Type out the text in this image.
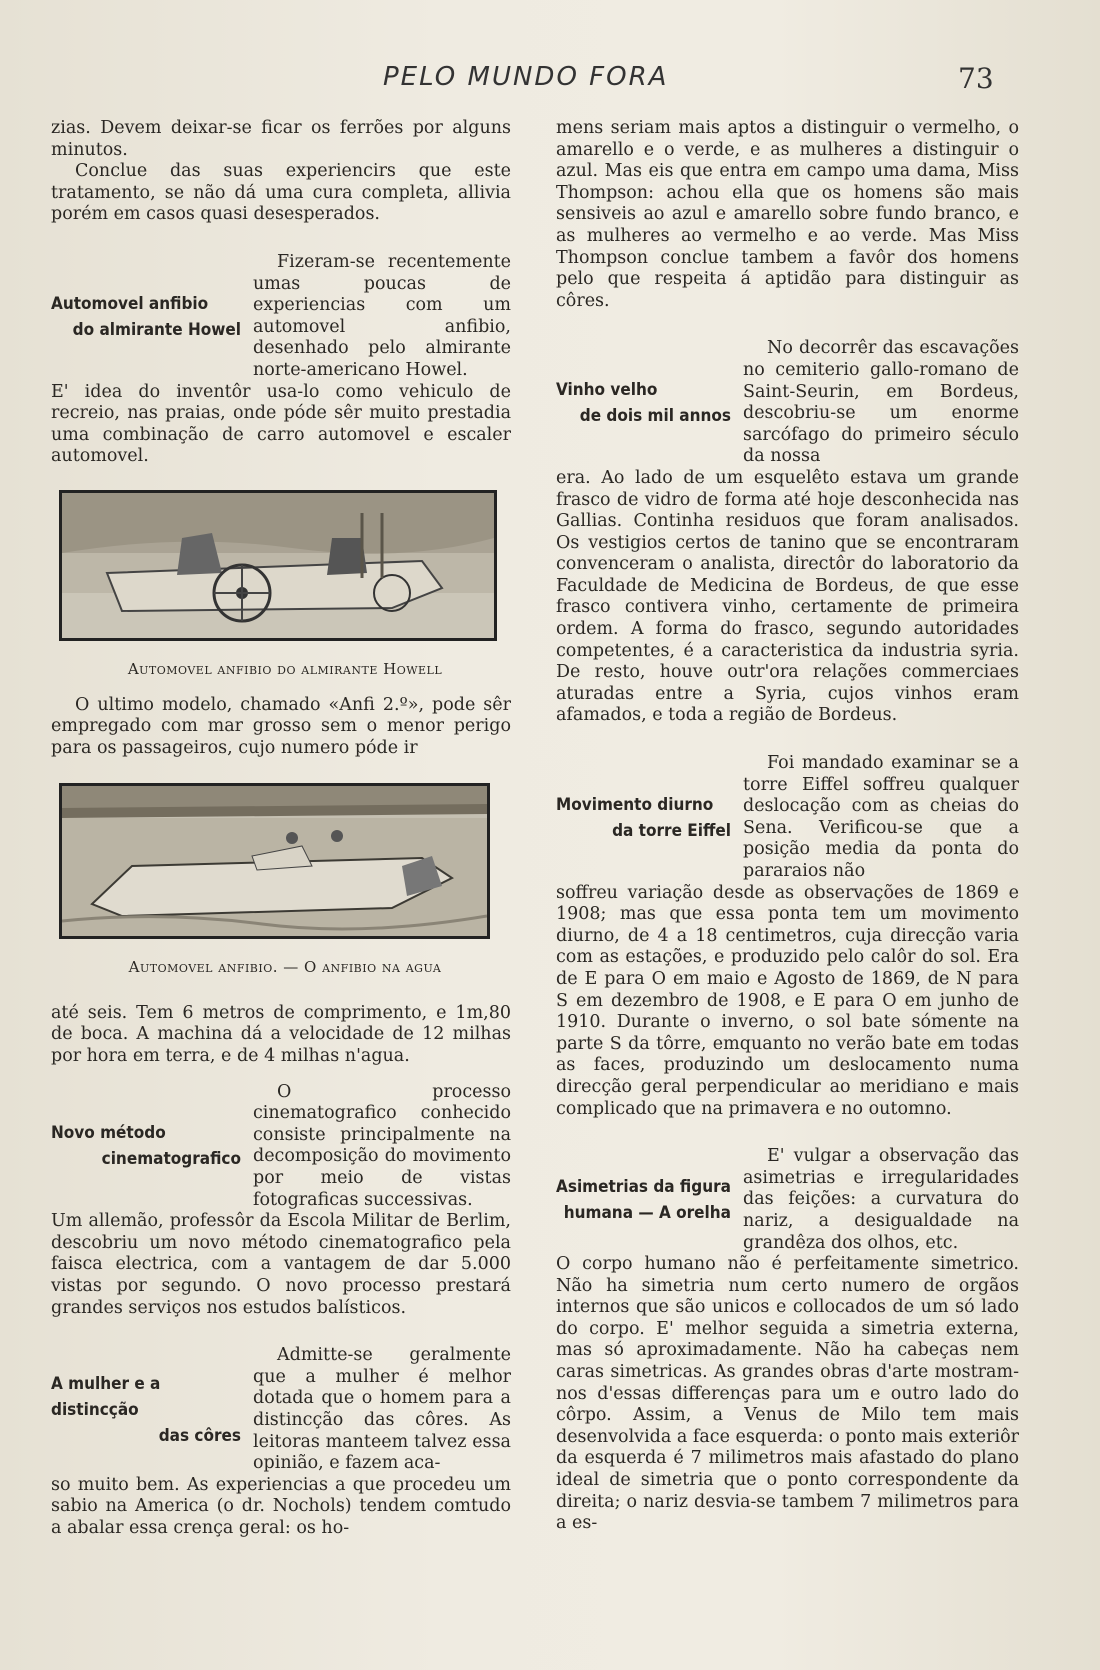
PELO MUNDO FORA	73

zias. Devem deixar-se ficar os ferrões por alguns minutos.

Conclue das suas experiencirs que este tratamento, se não dá uma cura completa, allivia porém em casos quasi desesperados.

Automovel anfibio
do almirante Howel

Fizeram-se recentemente umas poucas de experiencias com um automovel anfibio, desenhado pelo almirante norte-americano Howel.

E' idea do inventôr usa-lo como vehiculo de recreio, nas praias, onde póde sêr muito prestadia uma combinação de carro automovel e escaler automovel.

Automovel anfibio do almirante Howell

O ultimo modelo, chamado «Anfi 2.º», pode sêr empregado com mar grosso sem o menor perigo para os passageiros, cujo numero póde ir

Automovel anfibio. — O anfibio na agua

até seis. Tem 6 metros de comprimento, e 1m,80 de boca. A machina dá a velocidade de 12 milhas por hora em terra, e de 4 milhas n'agua.

Novo método
cinematografico

O processo cinematografico conhecido consiste principalmente na decomposição do movimento por meio de vistas fotograficas successivas.

Um allemão, professôr da Escola Militar de Berlim, descobriu um novo método cinematografico pela faisca electrica, com a vantagem de dar 5.000 vistas por segundo. O novo processo prestará grandes serviços nos estudos balísticos.

A mulher e a distincção
das côres

Admitte-se geralmente que a mulher é melhor dotada que o homem para a distincção das côres. As leitoras manteem talvez essa opinião, e fazem aca-

so muito bem. As experiencias a que procedeu um sabio na America (o dr. Nochols) tendem comtudo a abalar essa crença geral: os ho-

mens seriam mais aptos a distinguir o vermelho, o amarello e o verde, e as mulheres a distinguir o azul. Mas eis que entra em campo uma dama, Miss Thompson: achou ella que os homens são mais sensiveis ao azul e amarello sobre fundo branco, e as mulheres ao vermelho e ao verde. Mas Miss Thompson conclue tambem a favôr dos homens pelo que respeita á aptidão para distinguir as côres.

Vinho velho
de dois mil annos

No decorrêr das escavações no cemiterio gallo-romano de Saint-Seurin, em Bordeus, descobriu-se um enorme sarcófago do primeiro século da nossa

era. Ao lado de um esquelêto estava um grande frasco de vidro de forma até hoje desconhecida nas Gallias. Continha residuos que foram analisados. Os vestigios certos de tanino que se encontraram convenceram o analista, directôr do laboratorio da Faculdade de Medicina de Bordeus, de que esse frasco contivera vinho, certamente de primeira ordem. A forma do frasco, segundo autoridades competentes, é a caracteristica da industria syria. De resto, houve outr'ora relações commerciaes aturadas entre a Syria, cujos vinhos eram afamados, e toda a região de Bordeus.

Movimento diurno
da torre Eiffel

Foi mandado examinar se a torre Eiffel soffreu qualquer deslocação com as cheias do Sena. Verificou-se que a posição media da ponta do pararaios não

soffreu variação desde as observações de 1869 e 1908; mas que essa ponta tem um movimento diurno, de 4 a 18 centimetros, cuja direcção varia com as estações, e produzido pelo calôr do sol. Era de E para O em maio e Agosto de 1869, de N para S em dezembro de 1908, e E para O em junho de 1910. Durante o inverno, o sol bate sómente na parte S da tôrre, emquanto no verão bate em todas as faces, produzindo um deslocamento numa direcção geral perpendicular ao meridiano e mais complicado que na primavera e no outomno.

Asimetrias da figura
humana — A orelha

E' vulgar a observação das asimetrias e irregularidades das feições: a curvatura do nariz, a desigualdade na grandêza dos olhos, etc.

O corpo humano não é perfeitamente simetrico. Não ha simetria num certo numero de orgãos internos que são unicos e collocados de um só lado do corpo. E' melhor seguida a simetria externa, mas só aproximadamente. Não ha cabeças nem caras simetricas. As grandes obras d'arte mostram-nos d'essas differenças para um e outro lado do côrpo. Assim, a Venus de Milo tem mais desenvolvida a face esquerda: o ponto mais exteriôr da esquerda é 7 milimetros mais afastado do plano ideal de simetria que o ponto correspondente da direita; o nariz desvia-se tambem 7 milimetros para a es-
